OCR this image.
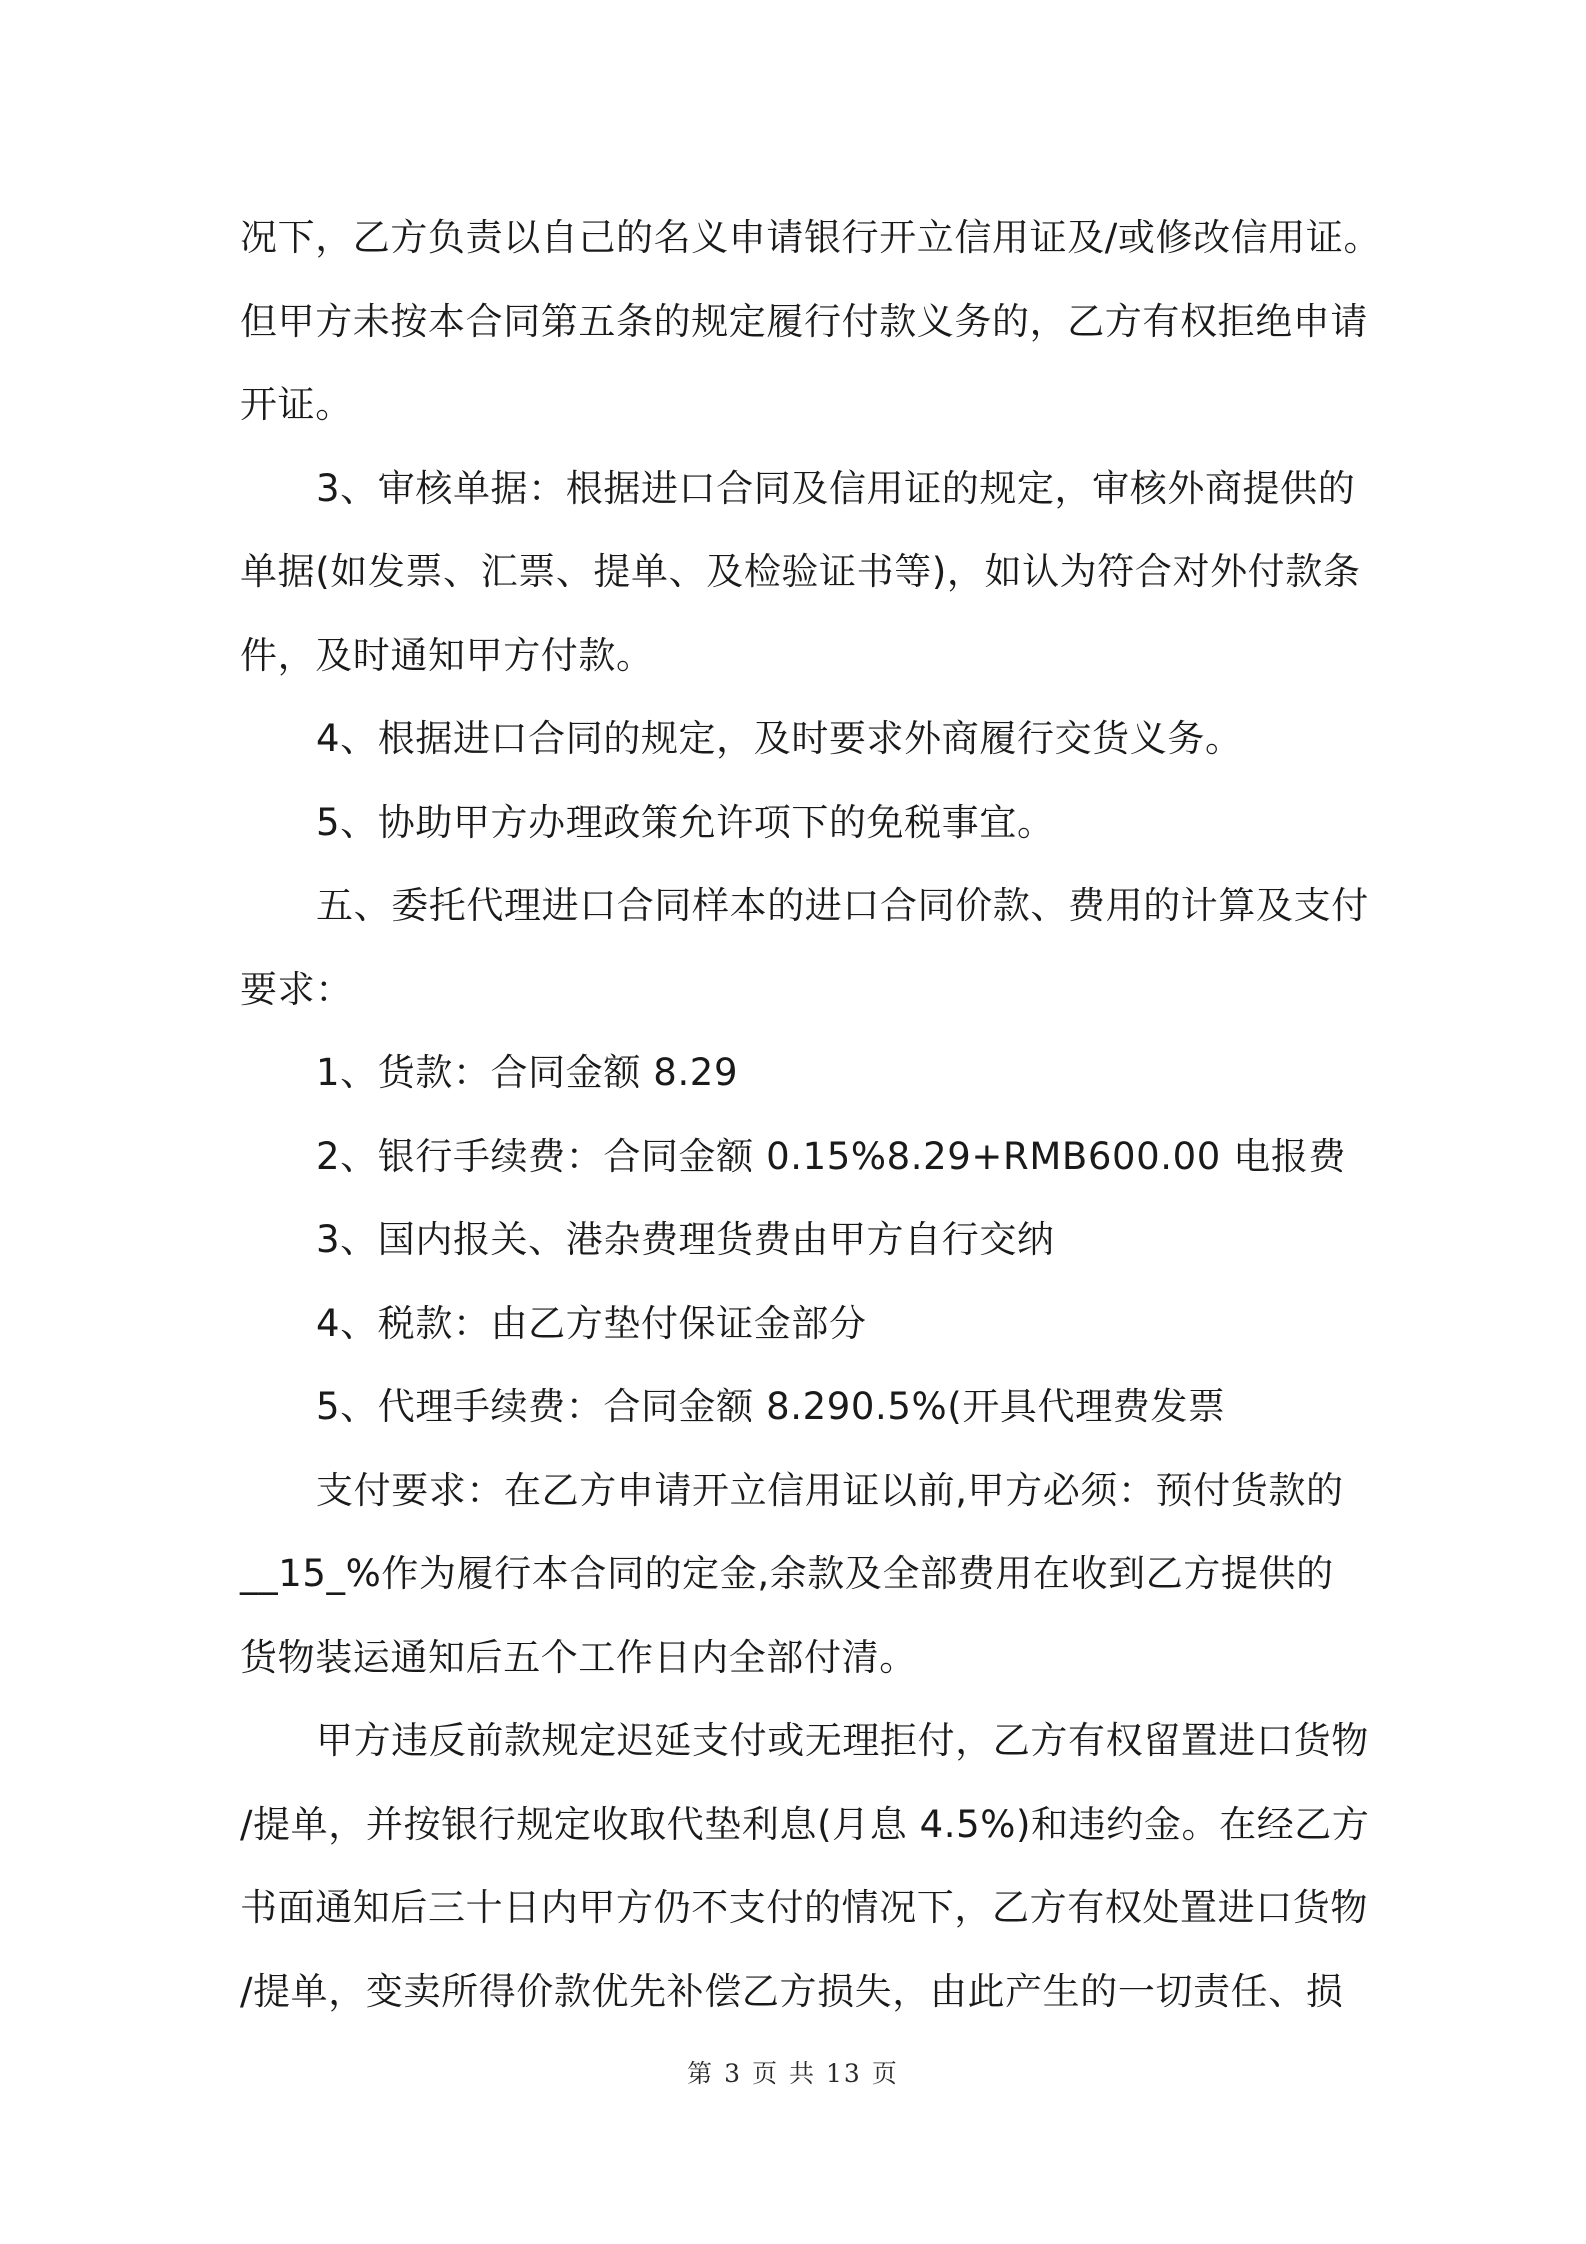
况下，乙方负责以自己的名义申请银行开立信用证及/或修改信用证。
但甲方未按本合同第五条的规定履行付款义务的，乙方有权拒绝申请
开证。
3、审核单据：根据进口合同及信用证的规定，审核外商提供的
单据(如发票、汇票、提单、及检验证书等)，如认为符合对外付款条
件，及时通知甲方付款。
4、根据进口合同的规定，及时要求外商履行交货义务。
5、协助甲方办理政策允许项下的免税事宜。
五、委托代理进口合同样本的进口合同价款、费用的计算及支付
要求：
1、货款：合同金额 8.29
2、银行手续费：合同金额 0.15%8.29+RMB600.00 电报费
3、国内报关、港杂费理货费由甲方自行交纳
4、税款：由乙方垫付保证金部分
5、代理手续费：合同金额 8.290.5%(开具代理费发票
支付要求：在乙方申请开立信用证以前,甲方必须：预付货款的
__15_%作为履行本合同的定金,余款及全部费用在收到乙方提供的
货物装运通知后五个工作日内全部付清。
甲方违反前款规定迟延支付或无理拒付，乙方有权留置进口货物
/提单，并按银行规定收取代垫利息(月息 4.5%)和违约金。在经乙方
书面通知后三十日内甲方仍不支付的情况下，乙方有权处置进口货物
/提单，变卖所得价款优先补偿乙方损失，由此产生的一切责任、损
第 3 页 共 13 页
